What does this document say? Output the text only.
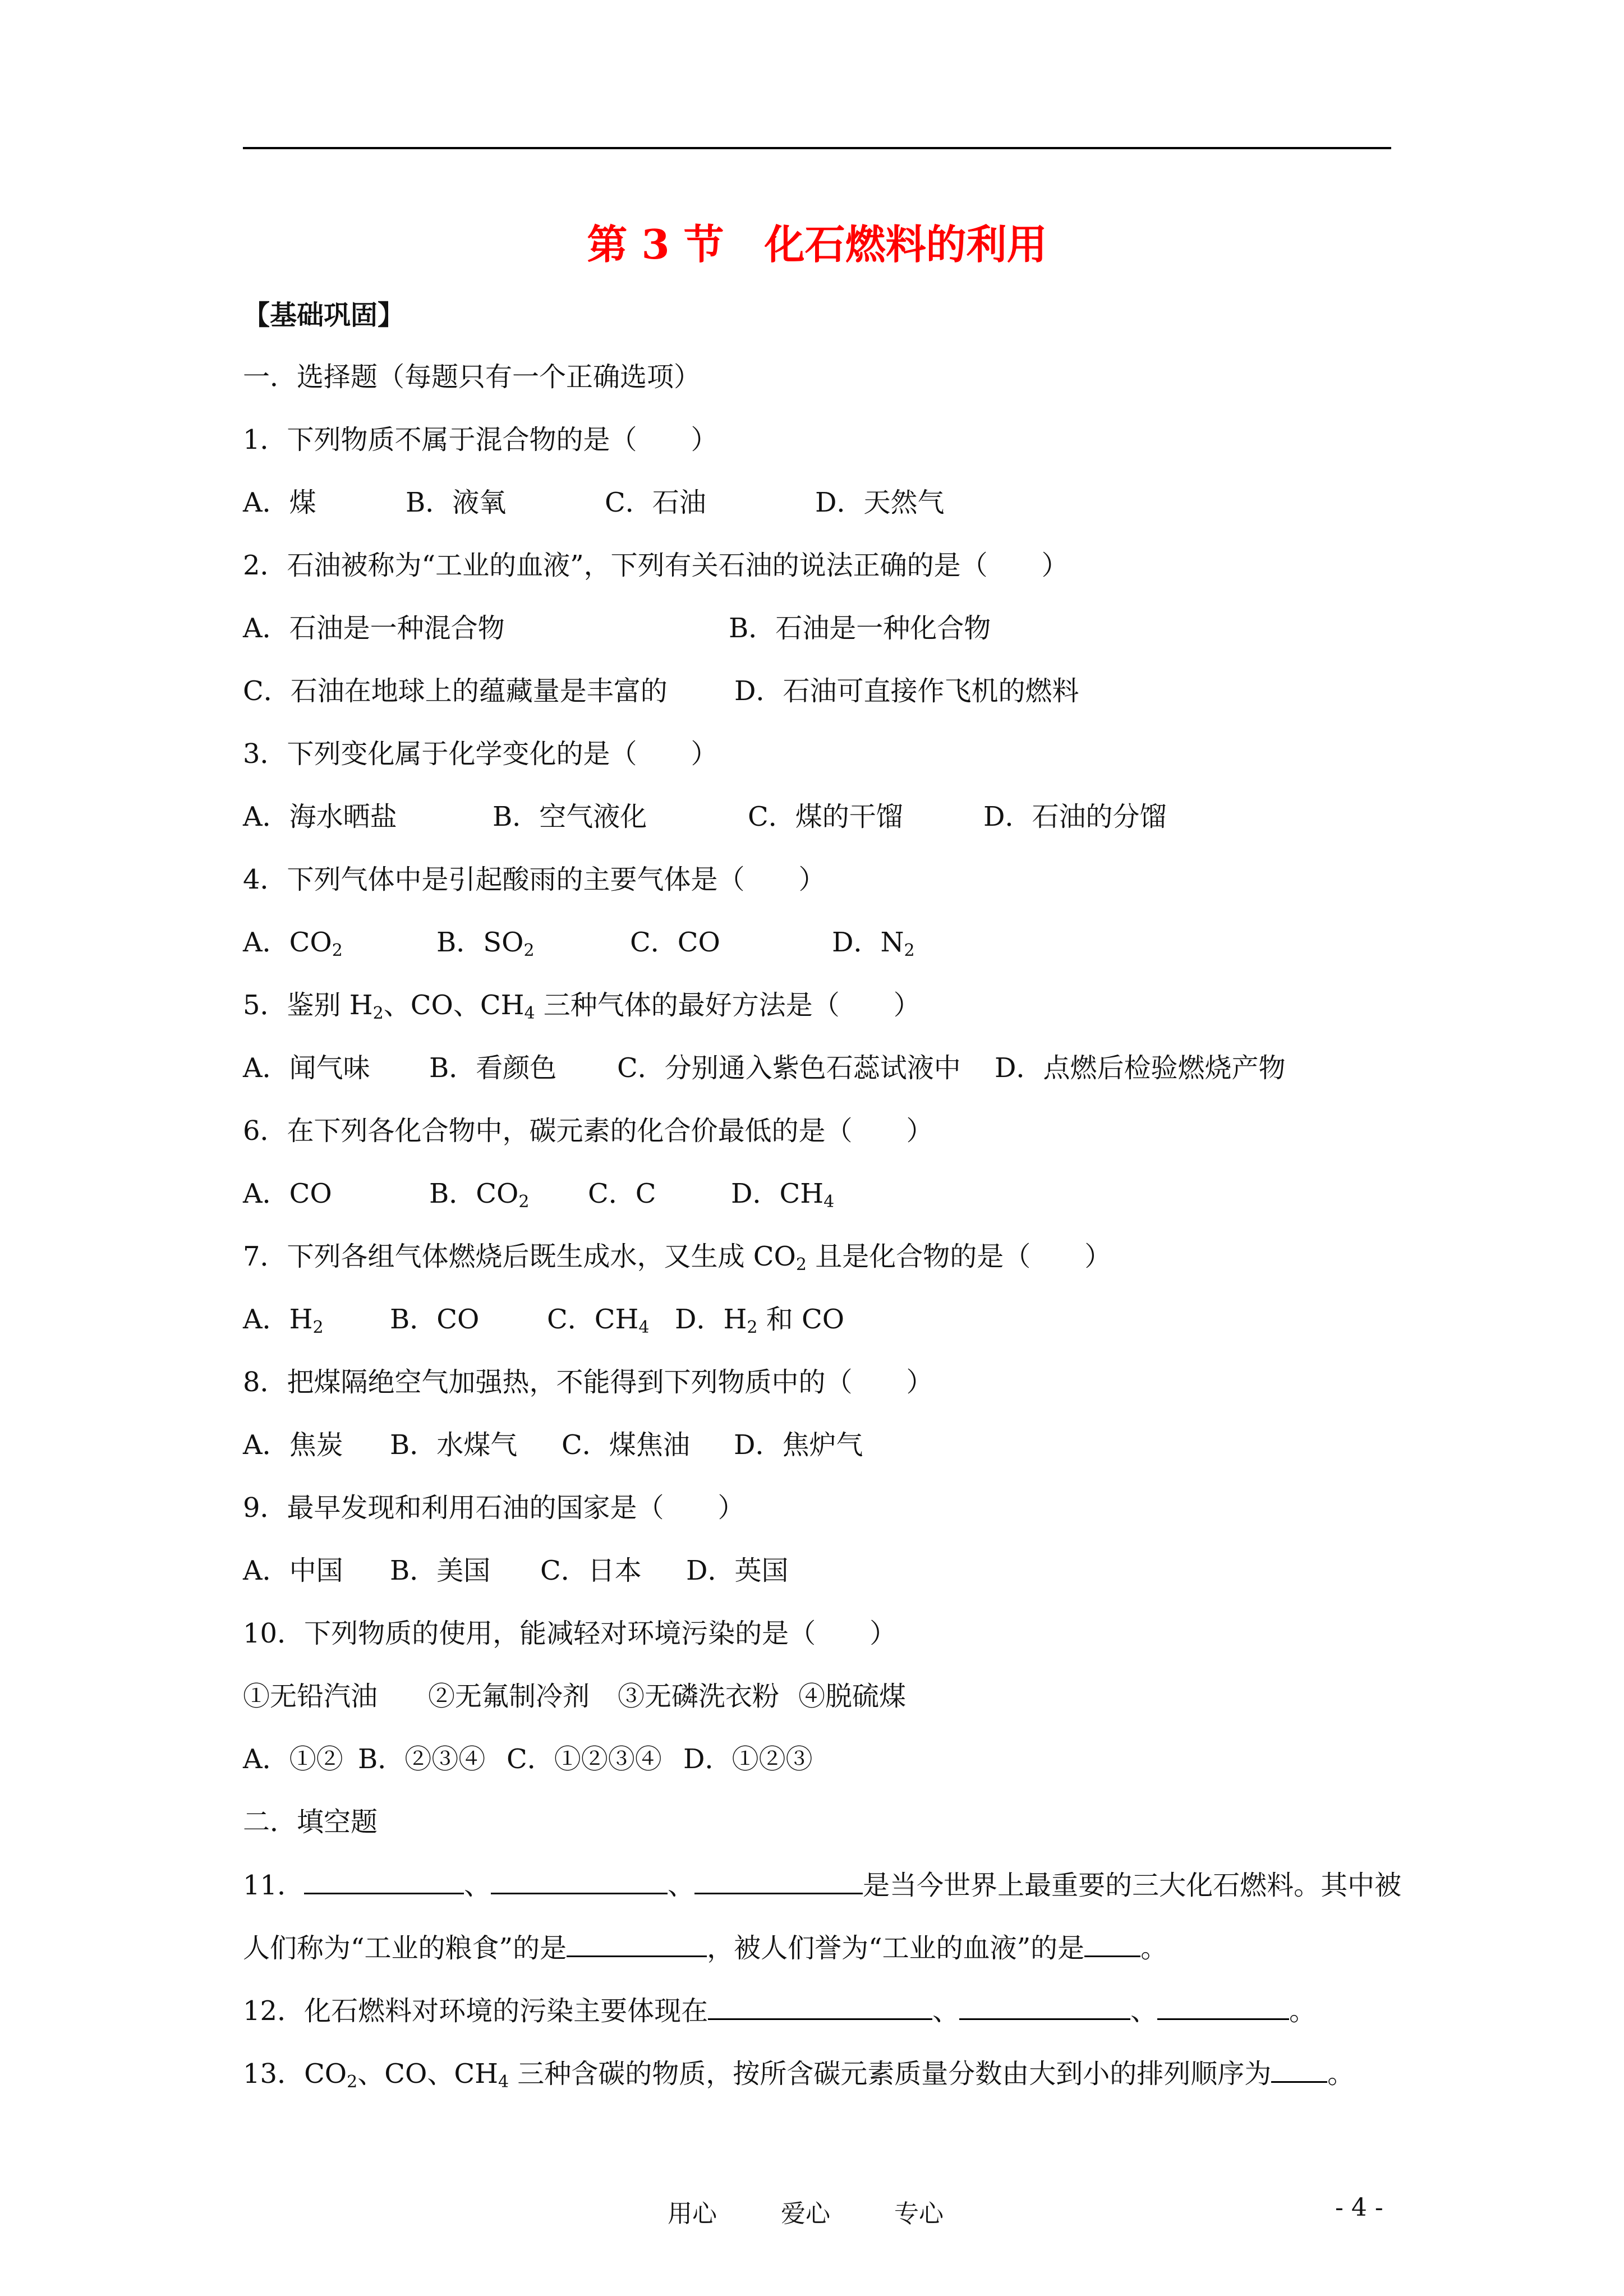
第 3 节　化石燃料的利用
【基础巩固】
一．选择题（每题只有一个正确选项）
1．下列物质不属于混合物的是（　　）
A．煤	B．液氧	C．石油	D．天然气
2．石油被称为“工业的血液”，下列有关石油的说法正确的是（　　）
A．石油是一种混合物	B．石油是一种化合物
C．石油在地球上的蕴藏量是丰富的 D．石油可直接作飞机的燃料
3．下列变化属于化学变化的是（　　）
A．海水晒盐	B．空气液化	C．煤的干馏	D．石油的分馏
4．下列气体中是引起酸雨的主要气体是（　　）
A．$CO_2$	B．$SO_2$	C．CO	D．$N_2$
5．鉴别 $H_2$、CO、$CH_4$ 三种气体的最好方法是（　　）
A．闻气味 B．看颜色 C．分别通入紫色石蕊试液中 D．点燃后检验燃烧产物
6．在下列各化合物中，碳元素的化合价最低的是（　　）
A．CO	B．$CO_2$ C．C	D．$CH_4$
7．下列各组气体燃烧后既生成水，又生成 $CO_2$ 且是化合物的是（　　）
A．$H_2$ B．CO	C．$CH_4$ D．$H_2$ 和 CO
8．把煤隔绝空气加强热，不能得到下列物质中的（　　）
A．焦炭 B．水煤气 C．煤焦油 D．焦炉气
9．最早发现和利用石油的国家是（　　）
A．中国 B．美国 C．日本 D．英国
10．下列物质的使用，能减轻对环境污染的是（　　）
①无铅汽油 ②无氟制冷剂 ③无磷洗衣粉 ④脱硫煤
A．①② B．②③④ C．①②③④ D．①②③
二．填空题
11．	、	、	是当今世界上最重要的三大化石燃料。其中被
人们称为“工业的粮食”的是	，被人们誉为“工业的血液”的是 。
12．化石燃料对环境的污染主要体现在	、	、	。
13．$CO_2$、CO、$CH_4$ 三种含碳的物质，按所含碳元素质量分数由大到小的排列顺序为 。
用心	爱心	专心	- 4 -
